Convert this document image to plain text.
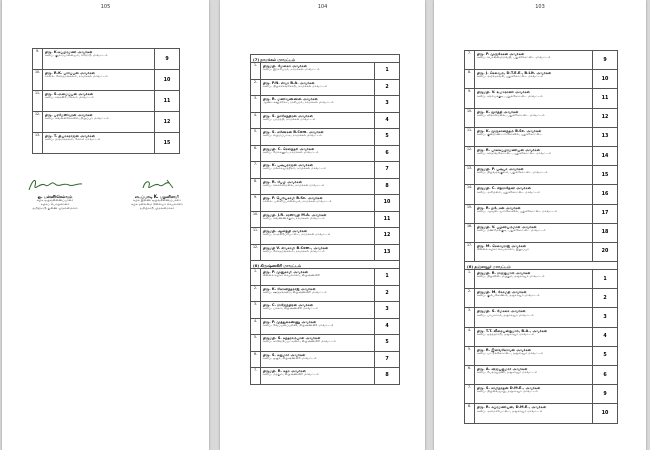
105
9.	திரு. K.சுப்பிரமணி அவர்கள்
கவிப். குமாரபாளையம், ஈரோடு மாவட்டம்
9
10.	திரு. R.K. பார்ப்பன் அவர்கள்
சாலை. சேந்தமங்கலம், நாமக்கல் மாவட்டம்
10
11.	திரு. S.அமைப்பன் அவர்கள்
கவிப். சங்ககிரி, சேலம் மாவட்டம்
11
12.	திரு. பரமேஸ்வரன் அவர்கள்
கவிப். வெள்ளகோவில், திருப்பூர் மாவட்டம்
12
13.	திரு. T. தியாகராஜன் அவர்கள்
கவிப். தாரமங்கலம், சேலம் மாவட்டம்
15
ஓ. பன்னீர்செல்வம்
கழக ஒருங்கிணைப்பாளர்
கழகப் பொருளாளர்
தமிழ்நாடு துணை முதலமைச்சர்
எடப்பாடி K. பழனிசாமி
கழக இணை ஒருங்கிணைப்பாளர்
கழக தலைமை நிலையச் செயலாளர்
தமிழ்நாடு முதலமைச்சர்
104
(7) நாமக்கல் மாவட்டம்
1.	திருமதி. மேனகா அவர்கள்
கவிப். இராசிபுரம், நாமக்கல் மாவட்டம்	1
2.	திரு. P.N. சிவா B.A. அவர்கள்
கவிப். திருச்செங்கோடு, நாமக்கல் மாவட்டம்	2
3.	திரு. R. மணிவண்ணன் அவர்கள்
ஆண்டகளூர்கேட், ராசிபுரம், நாமக்கல் மாவட்டம்	3
4.	திரு. S. நாகேந்திரன் அவர்கள்
கவிப். பரமத்தி, நாமக்கல் மாவட்டம்	4
5.	திரு. S. கணேசன் B.Com. அவர்கள்
கவிப். எருமப்பட்டி, நாமக்கல் மாவட்டம்	5
6.	திருமதி. C. சௌந்தரி அவர்கள்
கவிப். மோகனூர், நாமக்கல் மாவட்டம்	6
7.	திரு. K. புஷ்பராஜன் அவர்கள்
கவிப். மல்லசமுத்திரம், நாமக்கல் மாவட்டம்	7
8.	திரு. R. பேபி அவர்கள்
கவிப். கொல்லிமலை, நாமக்கல் மாவட்டம்	8
9.	திரு. P. பெரியசாமி B.Sc. அவர்கள்
சாலை. பள்ளிப்பாளையம், நாமக்கல் மாவட்டம்	10
10.	திருமதி. J.R. சரஸ்வதி M.A. அவர்கள்
கவிப். வெண்ணந்தூர், நாமக்கல் மாவட்டம்	11
11.	திருமதி. ஆனந்தி அவர்கள்
கவிப். நாமகிரிப்பேட்டை, நாமக்கல் மாவட்டம்	12
12.	திருமதி V. சிவகாமி B.Com., அவர்கள்
கவிப். சேந்தமங்கலம், நாமக்கல் மாவட்டம்	13
(8) கிருஷ்ணகிரி மாவட்டம்
1.	திரு. P. முனுசாமி அவர்கள்
கிளைக் கழகச் செயலாளர், கிருஷ்ணகிரி	1
2.	திரு. K. கோவிந்தராஜ் அவர்கள்
கவிப். ஊத்தங்கரை, கிருஷ்ணகிரி மாவட்டம்	2
3.	திரு. C. ராஜேந்திரன் அவர்கள்
கவிப். பர்கூர், கிருஷ்ணகிரி மாவட்டம்	3
4.	திரு. P. முத்துக்கண்ணு அவர்கள்
கவிப். வேப்பனப்பள்ளி, கிருஷ்ணகிரி மாவட்டம்	4
5.	திருமதி. S. சுந்தராம்பாள் அவர்கள்
கவிப். காவேரிப்பட்டினம், கிருஷ்ணகிரி மாவட்டம்	5
6.	திரு. S. சுகுமார் அவர்கள்
கவிப். ஓசூர், கிருஷ்ணகிரி மாவட்டம்	7
7.	திருமதி. R. சுதா அவர்கள்
கவிப். மத்தூர், கிருஷ்ணகிரி மாவட்டம்	8
103
7.	திரு. P. முருகேசன் அவர்கள்
கவிப். பொன்னமராவதி, புதுக்கோட்டை மாவட்டம்
9
8.	திரு. J. செல்வம், D.T.E.E., B.Lit. அவர்கள்
கவிப். அறந்தாங்கி, புதுக்கோட்டை மாவட்டம்
10
9.	திருமதி. V. உமாராணி அவர்கள்
கவிப். கறம்பக்குடி, புதுக்கோட்டை மாவட்டம்
11
10.	திரு. K. மூர்த்தி அவர்கள்
கவிப். விராலிமலை, புதுக்கோட்டை மாவட்டம்
12
11.	திரு. K. முருகானந்தம் B.Sc. அவர்கள்
கவிப். குன்றாண்டார்கோவில், புதுக்கோட்டை
13
12.	திரு. R. பாலசுப்பிரமணியன் அவர்கள்
கவிப். கந்தர்வகோட்டை, புதுக்கோட்டை மாவட்டம்
14
13.	திருமதி. P. புஷ்பா அவர்கள்
கவிப். திருவரங்குளம், புதுக்கோட்டை மாவட்டம்
15
14.	திருமதி. C. சித்ராதேவி அவர்கள்
கவிப். அரிமளம், புதுக்கோட்டை மாவட்டம்
16
15.	திரு. R. நடேசன் அவர்கள்
கவிப். ஆவுடையார்கோவில், புதுக்கோட்டை மாவட்டம்
17
16.	திருமதி. V. பழனியம்மாள் அவர்கள்
கவிப். மணமேல்குடி, புதுக்கோட்டை மாவட்டம்
18
17.	திரு. M. செல்வராஜ் அவர்கள்
கிளைக் கழகச் செயலாளர், இலுப்பூர்
20
(6) தஞ்சாவூர் மாவட்டம்
1.	திருமதி. R. ராஜகுமாரி அவர்கள்
கவிப். திருவிடைமருதூர், தஞ்சாவூர் மாவட்டம்
1
2.	திருமதி. M. கோமதி அவர்கள்
கவிப். கும்பகோணம், தஞ்சாவூர் மாவட்டம்
2
3.	திருமதி. S. மேகலா அவர்கள்
கவிப். பாபநாசம், தஞ்சாவூர் மாவட்டம்
3
4.	திரு. T.T. வீரையன்குமார், B.A., அவர்கள்
கவிப். ஒரத்தநாடு, தஞ்சாவூர் மாவட்டம்
4
5.	திரு. R. இளங்கோவன் அவர்கள்
கவிப். பட்டுக்கோட்டை, தஞ்சாவூர் மாவட்டம்
5
6.	திரு. A. விஜயகுமார் அவர்கள்
கவிப். பேராவூரணி, தஞ்சாவூர் மாவட்டம்
6
7.	திரு. S. சாமிநாதன் D.M.E., அவர்கள்
கவிப். திருவையாறு, தஞ்சாவூர் மாவட்டம்
9
8.	திரு. R. சுப்ரமணியன், D.M.E., அவர்கள்
கவிப். அம்மாபேட்டை, தஞ்சாவூர் மாவட்டம்
10
